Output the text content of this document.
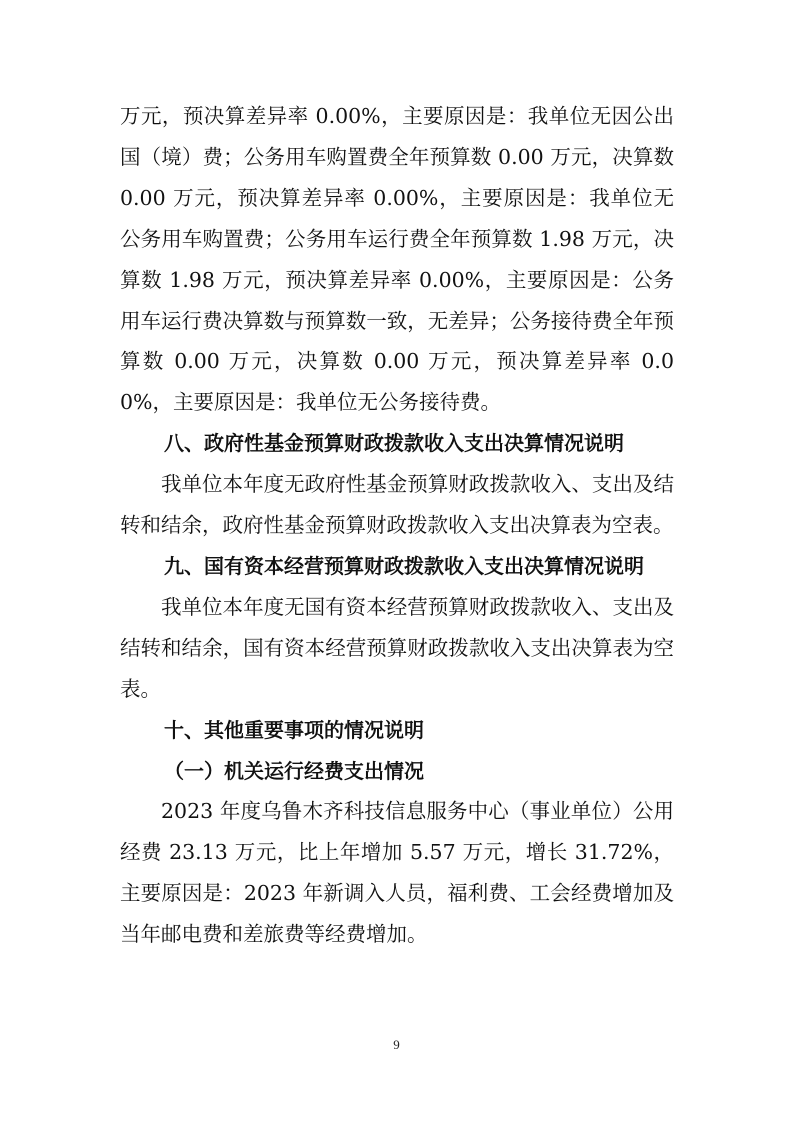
万元，预决算差异率 0.00%，主要原因是：我单位无因公出国（境）费；公务用车购置费全年预算数 0.00 万元，决算数 0.00 万元，预决算差异率 0.00%，主要原因是：我单位无公务用车购置费；公务用车运行费全年预算数 1.98 万元，决算数 1.98 万元，预决算差异率 0.00%，主要原因是：公务用车运行费决算数与预算数一致，无差异；公务接待费全年预算数 0.00 万元，决算数 0.00 万元，预决算差异率 0.00%，主要原因是：我单位无公务接待费。

八、政府性基金预算财政拨款收入支出决算情况说明

我单位本年度无政府性基金预算财政拨款收入、支出及结转和结余，政府性基金预算财政拨款收入支出决算表为空表。

九、国有资本经营预算财政拨款收入支出决算情况说明

我单位本年度无国有资本经营预算财政拨款收入、支出及结转和结余，国有资本经营预算财政拨款收入支出决算表为空表。

十、其他重要事项的情况说明

（一）机关运行经费支出情况

2023 年度乌鲁木齐科技信息服务中心（事业单位）公用经费 23.13 万元，比上年增加 5.57 万元，增长 31.72%，主要原因是：2023 年新调入人员，福利费、工会经费增加及当年邮电费和差旅费等经费增加。

9
